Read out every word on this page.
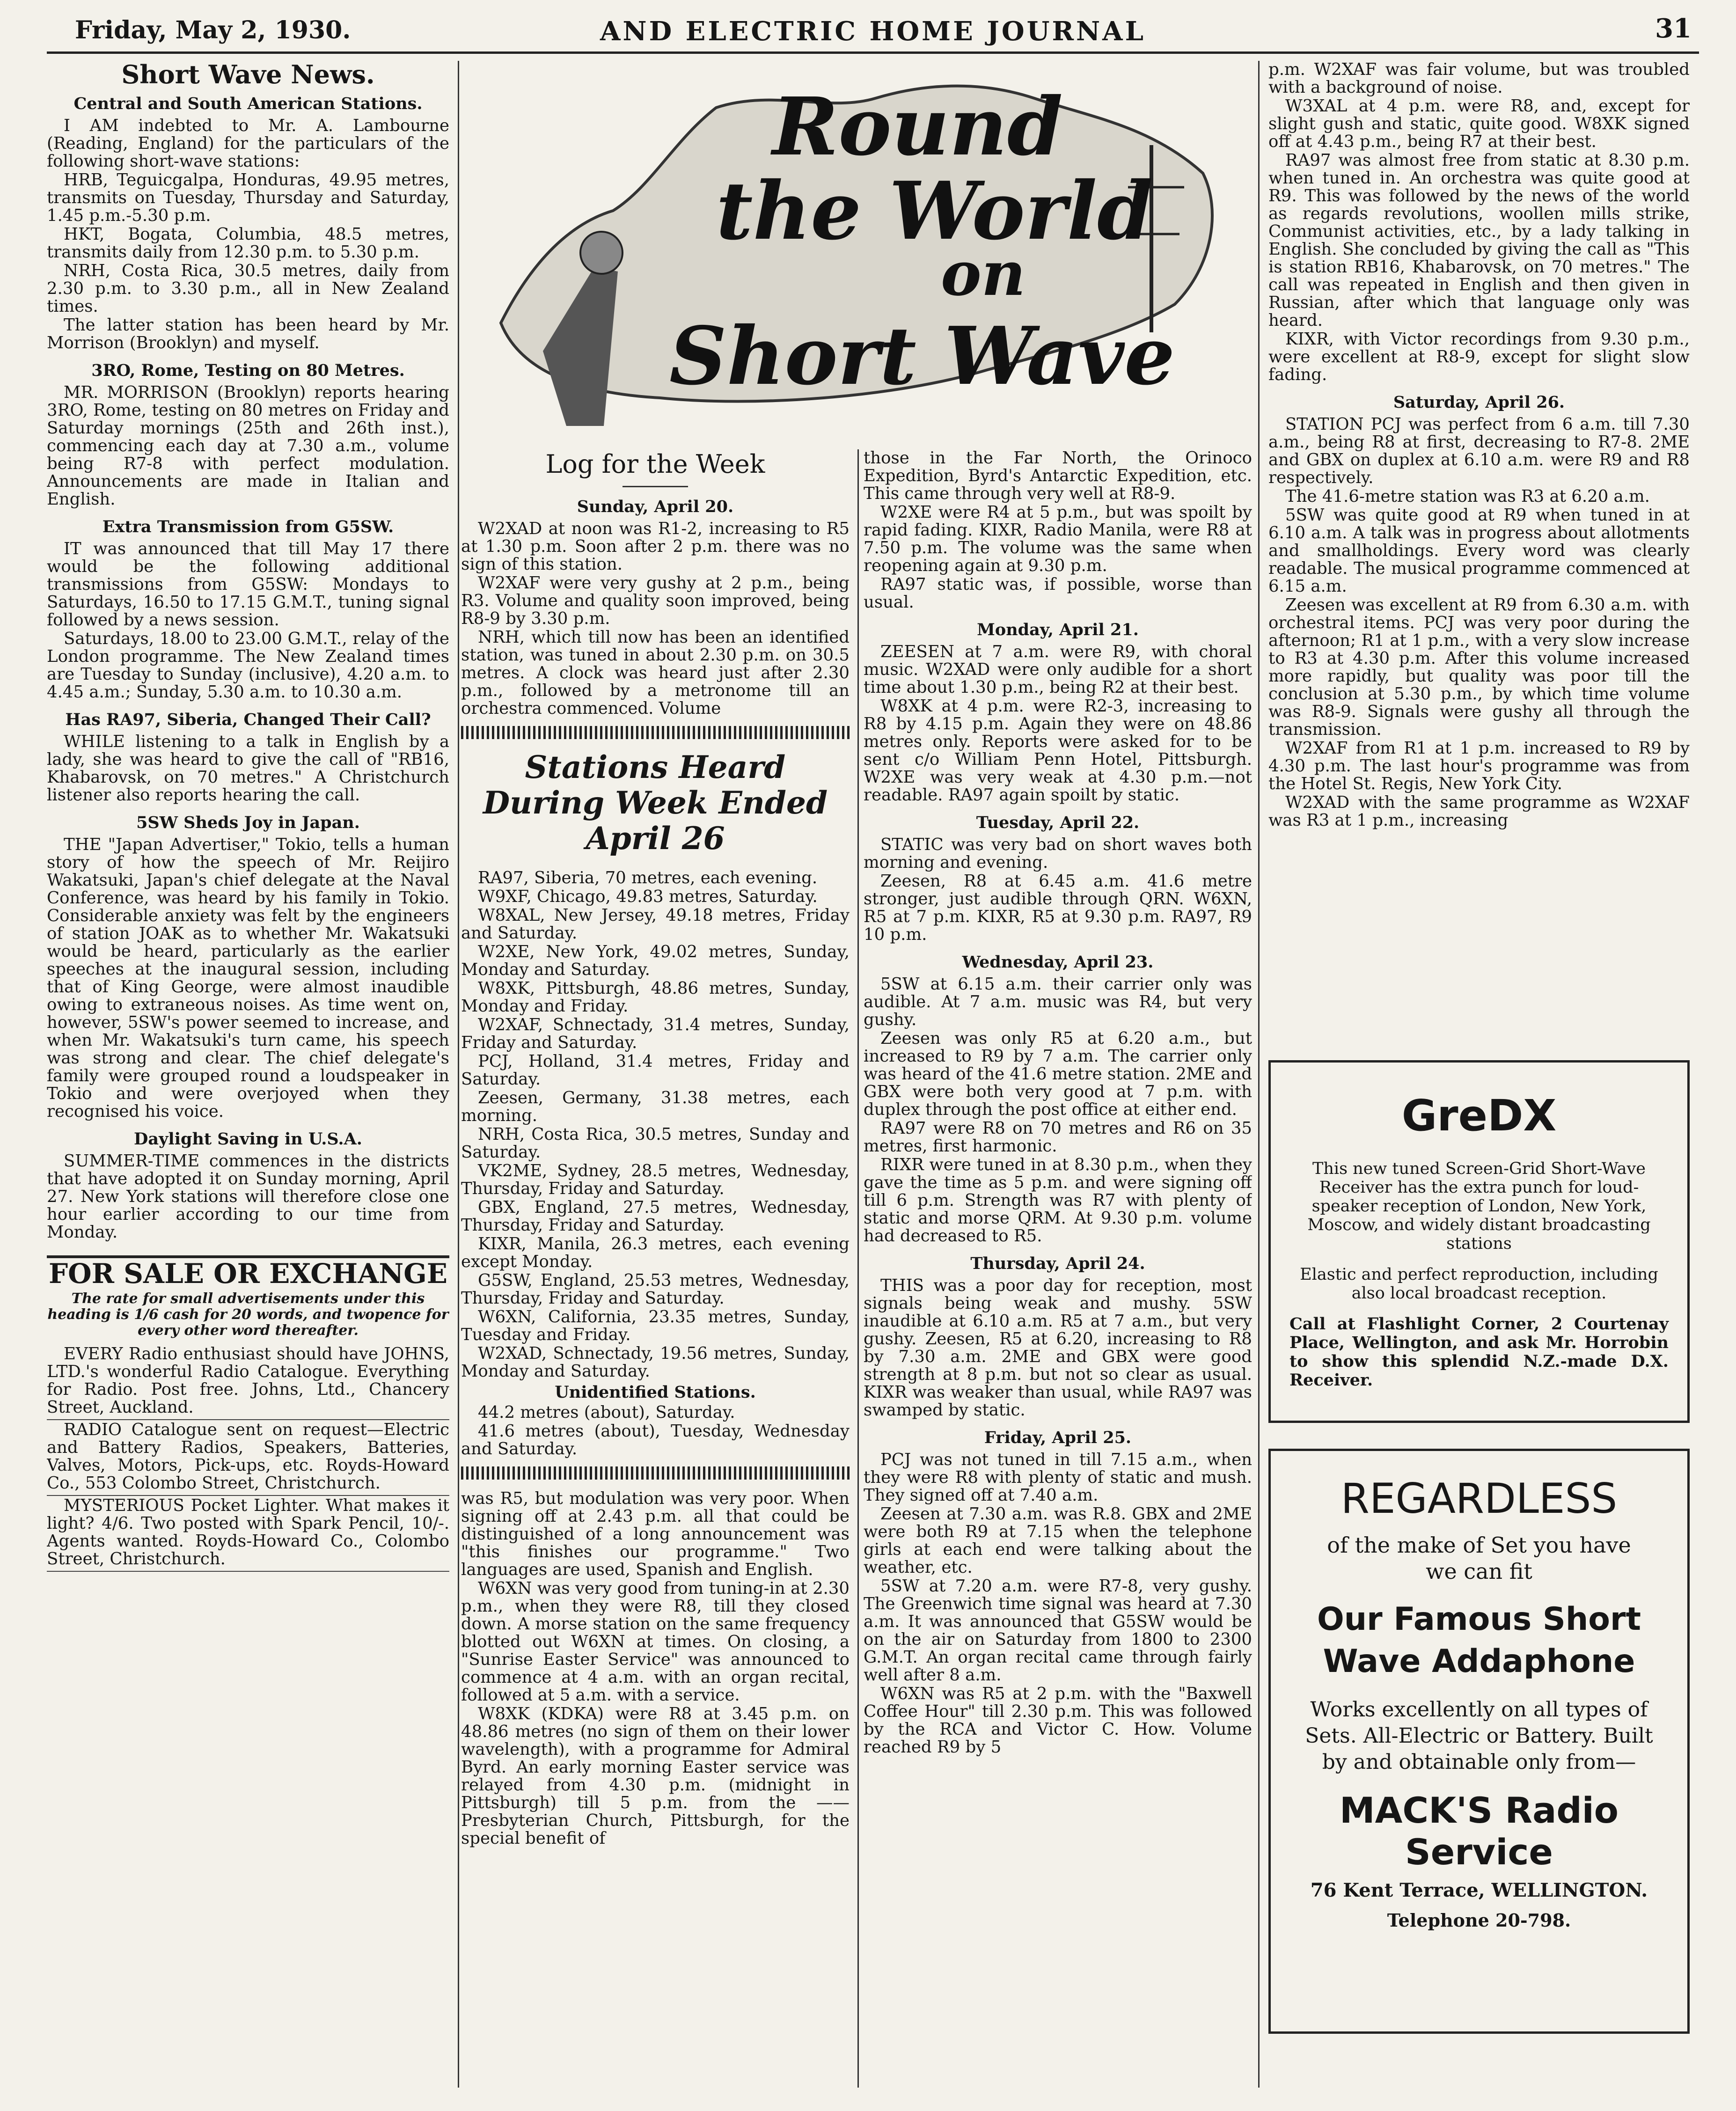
Friday, May 2, 1930.	AND ELECTRIC HOME JOURNAL	31
Short Wave News.
Central and South American Stations.

I AM indebted to Mr. A. Lambourne (Reading, England) for the particulars of the following short-wave stations:

HRB, Teguicgalpa, Honduras, 49.95 metres, transmits on Tuesday, Thursday and Saturday, 1.45 p.m.-5.30 p.m.

HKT, Bogata, Columbia, 48.5 metres, transmits daily from 12.30 p.m. to 5.30 p.m.

NRH, Costa Rica, 30.5 metres, daily from 2.30 p.m. to 3.30 p.m., all in New Zealand times.

The latter station has been heard by Mr. Morrison (Brooklyn) and myself.

3RO, Rome, Testing on 80 Metres.

MR. MORRISON (Brooklyn) reports hearing 3RO, Rome, testing on 80 metres on Friday and Saturday mornings (25th and 26th inst.), commencing each day at 7.30 a.m., volume being R7-8 with perfect modulation. Announcements are made in Italian and English.

Extra Transmission from G5SW.

IT was announced that till May 17 there would be the following additional transmissions from G5SW: Mondays to Saturdays, 16.50 to 17.15 G.M.T., tuning signal followed by a news session.

Saturdays, 18.00 to 23.00 G.M.T., relay of the London programme. The New Zealand times are Tuesday to Sunday (inclusive), 4.20 a.m. to 4.45 a.m.; Sunday, 5.30 a.m. to 10.30 a.m.

Has RA97, Siberia, Changed Their Call?

WHILE listening to a talk in English by a lady, she was heard to give the call of "RB16, Khabarovsk, on 70 metres." A Christchurch listener also reports hearing the call.

5SW Sheds Joy in Japan.

THE "Japan Advertiser," Tokio, tells a human story of how the speech of Mr. Reijiro Wakatsuki, Japan's chief delegate at the Naval Conference, was heard by his family in Tokio. Considerable anxiety was felt by the engineers of station JOAK as to whether Mr. Wakatsuki would be heard, particularly as the earlier speeches at the inaugural session, including that of King George, were almost inaudible owing to extraneous noises. As time went on, however, 5SW's power seemed to increase, and when Mr. Wakatsuki's turn came, his speech was strong and clear. The chief delegate's family were grouped round a loudspeaker in Tokio and were overjoyed when they recognised his voice.

Daylight Saving in U.S.A.

SUMMER-TIME commences in the districts that have adopted it on Sunday morning, April 27. New York stations will therefore close one hour earlier according to our time from Monday.

FOR SALE OR EXCHANGE
The rate for small advertisements under this heading is 1/6 cash for 20 words, and twopence for every other word thereafter.

EVERY Radio enthusiast should have JOHNS, LTD.'s wonderful Radio Catalogue. Everything for Radio. Post free. Johns, Ltd., Chancery Street, Auckland.

RADIO Catalogue sent on request—Electric and Battery Radios, Speakers, Batteries, Valves, Motors, Pick-ups, etc. Royds-Howard Co., 553 Colombo Street, Christchurch.

MYSTERIOUS Pocket Lighter. What makes it light? 4/6. Two posted with Spark Pencil, 10/-. Agents wanted. Royds-Howard Co., Colombo Street, Christchurch.

Round
the World
on
Short Wave
Log for the Week
Sunday, April 20.

W2XAD at noon was R1-2, increasing to R5 at 1.30 p.m. Soon after 2 p.m. there was no sign of this station.

W2XAF were very gushy at 2 p.m., being R3. Volume and quality soon improved, being R8-9 by 3.30 p.m.

NRH, which till now has been an identified station, was tuned in about 2.30 p.m. on 30.5 metres. A clock was heard just after 2.30 p.m., followed by a metronome till an orchestra commenced. Volume

Stations Heard During Week Ended April 26

RA97, Siberia, 70 metres, each evening.

W9XF, Chicago, 49.83 metres, Saturday.

W8XAL, New Jersey, 49.18 metres, Friday and Saturday.

W2XE, New York, 49.02 metres, Sunday, Monday and Saturday.

W8XK, Pittsburgh, 48.86 metres, Sunday, Monday and Friday.

W2XAF, Schnectady, 31.4 metres, Sunday, Friday and Saturday.

PCJ, Holland, 31.4 metres, Friday and Saturday.

Zeesen, Germany, 31.38 metres, each morning.

NRH, Costa Rica, 30.5 metres, Sunday and Saturday.

VK2ME, Sydney, 28.5 metres, Wednesday, Thursday, Friday and Saturday.

GBX, England, 27.5 metres, Wednesday, Thursday, Friday and Saturday.

KIXR, Manila, 26.3 metres, each evening except Monday.

G5SW, England, 25.53 metres, Wednesday, Thursday, Friday and Saturday.

W6XN, California, 23.35 metres, Sunday, Tuesday and Friday.

W2XAD, Schnectady, 19.56 metres, Sunday, Monday and Saturday.

Unidentified Stations.

44.2 metres (about), Saturday.

41.6 metres (about), Tuesday, Wednesday and Saturday.

was R5, but modulation was very poor. When signing off at 2.43 p.m. all that could be distinguished of a long announcement was "this finishes our programme." Two languages are used, Spanish and English.

W6XN was very good from tuning-in at 2.30 p.m., when they were R8, till they closed down. A morse station on the same frequency blotted out W6XN at times. On closing, a "Sunrise Easter Service" was announced to commence at 4 a.m. with an organ recital, followed at 5 a.m. with a service.

W8XK (KDKA) were R8 at 3.45 p.m. on 48.86 metres (no sign of them on their lower wavelength), with a programme for Admiral Byrd. An early morning Easter service was relayed from 4.30 p.m. (midnight in Pittsburgh) till 5 p.m. from the —— Presbyterian Church, Pittsburgh, for the special benefit of

those in the Far North, the Orinoco Expedition, Byrd's Antarctic Expedition, etc. This came through very well at R8-9.

W2XE were R4 at 5 p.m., but was spoilt by rapid fading. KIXR, Radio Manila, were R8 at 7.50 p.m. The volume was the same when reopening again at 9.30 p.m.

RA97 static was, if possible, worse than usual.

Monday, April 21.

ZEESEN at 7 a.m. were R9, with choral music. W2XAD were only audible for a short time about 1.30 p.m., being R2 at their best.

W8XK at 4 p.m. were R2-3, increasing to R8 by 4.15 p.m. Again they were on 48.86 metres only. Reports were asked for to be sent c/o William Penn Hotel, Pittsburgh. W2XE was very weak at 4.30 p.m.—not readable. RA97 again spoilt by static.

Tuesday, April 22.

STATIC was very bad on short waves both morning and evening.

Zeesen, R8 at 6.45 a.m. 41.6 metre stronger, just audible through QRN. W6XN, R5 at 7 p.m. KIXR, R5 at 9.30 p.m. RA97, R9 10 p.m.

Wednesday, April 23.

5SW at 6.15 a.m. their carrier only was audible. At 7 a.m. music was R4, but very gushy.

Zeesen was only R5 at 6.20 a.m., but increased to R9 by 7 a.m. The carrier only was heard of the 41.6 metre station. 2ME and GBX were both very good at 7 p.m. with duplex through the post office at either end.

RA97 were R8 on 70 metres and R6 on 35 metres, first harmonic.

RIXR were tuned in at 8.30 p.m., when they gave the time as 5 p.m. and were signing off till 6 p.m. Strength was R7 with plenty of static and morse QRM. At 9.30 p.m. volume had decreased to R5.

Thursday, April 24.

THIS was a poor day for reception, most signals being weak and mushy. 5SW inaudible at 6.10 a.m. R5 at 7 a.m., but very gushy. Zeesen, R5 at 6.20, increasing to R8 by 7.30 a.m. 2ME and GBX were good strength at 8 p.m. but not so clear as usual. KIXR was weaker than usual, while RA97 was swamped by static.

Friday, April 25.

PCJ was not tuned in till 7.15 a.m., when they were R8 with plenty of static and mush. They signed off at 7.40 a.m.

Zeesen at 7.30 a.m. was R.8. GBX and 2ME were both R9 at 7.15 when the telephone girls at each end were talking about the weather, etc.

5SW at 7.20 a.m. were R7-8, very gushy. The Greenwich time signal was heard at 7.30 a.m. It was announced that G5SW would be on the air on Saturday from 1800 to 2300 G.M.T. An organ recital came through fairly well after 8 a.m.

W6XN was R5 at 2 p.m. with the "Baxwell Coffee Hour" till 2.30 p.m. This was followed by the RCA and Victor C. How. Volume reached R9 by 5

p.m. W2XAF was fair volume, but was troubled with a background of noise.

W3XAL at 4 p.m. were R8, and, except for slight gush and static, quite good. W8XK signed off at 4.43 p.m., being R7 at their best.

RA97 was almost free from static at 8.30 p.m. when tuned in. An orchestra was quite good at R9. This was followed by the news of the world as regards revolutions, woollen mills strike, Communist activities, etc., by a lady talking in English. She concluded by giving the call as "This is station RB16, Khabarovsk, on 70 metres." The call was repeated in English and then given in Russian, after which that language only was heard.

KIXR, with Victor recordings from 9.30 p.m., were excellent at R8-9, except for slight slow fading.

Saturday, April 26.

STATION PCJ was perfect from 6 a.m. till 7.30 a.m., being R8 at first, decreasing to R7-8. 2ME and GBX on duplex at 6.10 a.m. were R9 and R8 respectively.

The 41.6-metre station was R3 at 6.20 a.m.

5SW was quite good at R9 when tuned in at 6.10 a.m. A talk was in progress about allotments and smallholdings. Every word was clearly readable. The musical programme commenced at 6.15 a.m.

Zeesen was excellent at R9 from 6.30 a.m. with orchestral items. PCJ was very poor during the afternoon; R1 at 1 p.m., with a very slow increase to R3 at 4.30 p.m. After this volume increased more rapidly, but quality was poor till the conclusion at 5.30 p.m., by which time volume was R8-9. Signals were gushy all through the transmission.

W2XAF from R1 at 1 p.m. increased to R9 by 4.30 p.m. The last hour's programme was from the Hotel St. Regis, New York City.

W2XAD with the same programme as W2XAF was R3 at 1 p.m., increasing

GreDX

This new tuned Screen-Grid Short-Wave Receiver has the extra punch for loud-speaker reception of London, New York, Moscow, and widely distant broadcasting stations

Elastic and perfect reproduction, including also local broadcast reception.

Call at Flashlight Corner, 2 Courtenay Place, Wellington, and ask Mr. Horrobin to show this splendid N.Z.-made D.X. Receiver.

REGARDLESS
of the make of Set you have
we can fit
Our Famous Short
Wave Addaphone
Works excellently on all types of Sets. All-Electric or Battery. Built by and obtainable only from—
MACK'S Radio Service
76 Kent Terrace, WELLINGTON.
Telephone 20-798.
